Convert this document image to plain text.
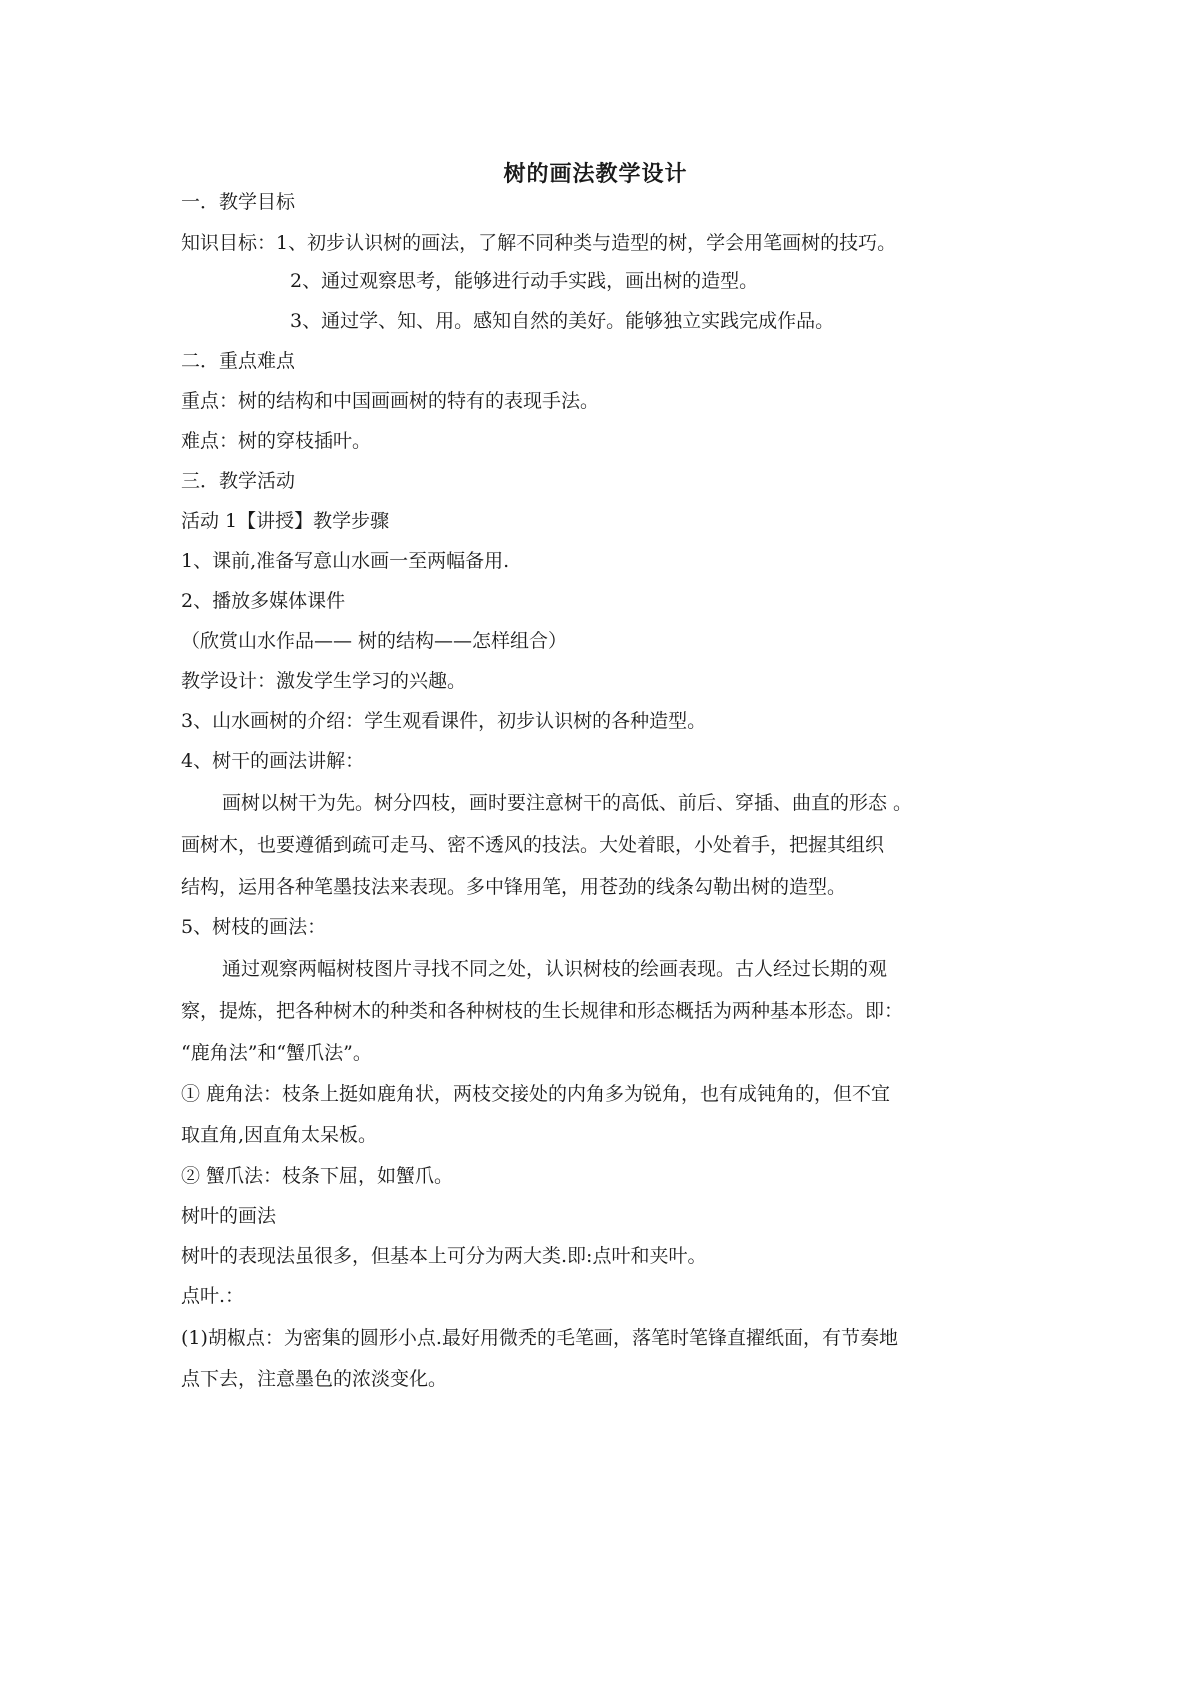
树的画法教学设计
一．教学目标
知识目标：1、初步认识树的画法，了解不同种类与造型的树，学会用笔画树的技巧。
2、通过观察思考，能够进行动手实践，画出树的造型。
3、通过学、知、用。感知自然的美好。能够独立实践完成作品。
二．重点难点
重点：树的结构和中国画画树的特有的表现手法。
难点：树的穿枝插叶。
三．教学活动
活动 1【讲授】教学步骤
1、课前,准备写意山水画一至两幅备用.
2、播放多媒体课件
（欣赏山水作品—— 树的结构——怎样组合）
教学设计：激发学生学习的兴趣。
3、山水画树的介绍：学生观看课件，初步认识树的各种造型。
4、树干的画法讲解：
画树以树干为先。树分四枝，画时要注意树干的高低、前后、穿插、曲直的形态 。
画树木，也要遵循到疏可走马、密不透风的技法。大处着眼，小处着手，把握其组织
结构，运用各种笔墨技法来表现。多中锋用笔，用苍劲的线条勾勒出树的造型。
5、树枝的画法：
通过观察两幅树枝图片寻找不同之处，认识树枝的绘画表现。古人经过长期的观
察，提炼，把各种树木的种类和各种树枝的生长规律和形态概括为两种基本形态。即：
“鹿角法”和“蟹爪法”。
① 鹿角法：枝条上挺如鹿角状，两枝交接处的内角多为锐角，也有成钝角的，但不宜
取直角,因直角太呆板。
② 蟹爪法：枝条下屈，如蟹爪。
树叶的画法
树叶的表现法虽很多，但基本上可分为两大类.即:点叶和夹叶。
点叶.：
(1)胡椒点：为密集的圆形小点.最好用微秃的毛笔画，落笔时笔锋直擢纸面，有节奏地
点下去，注意墨色的浓淡变化。
